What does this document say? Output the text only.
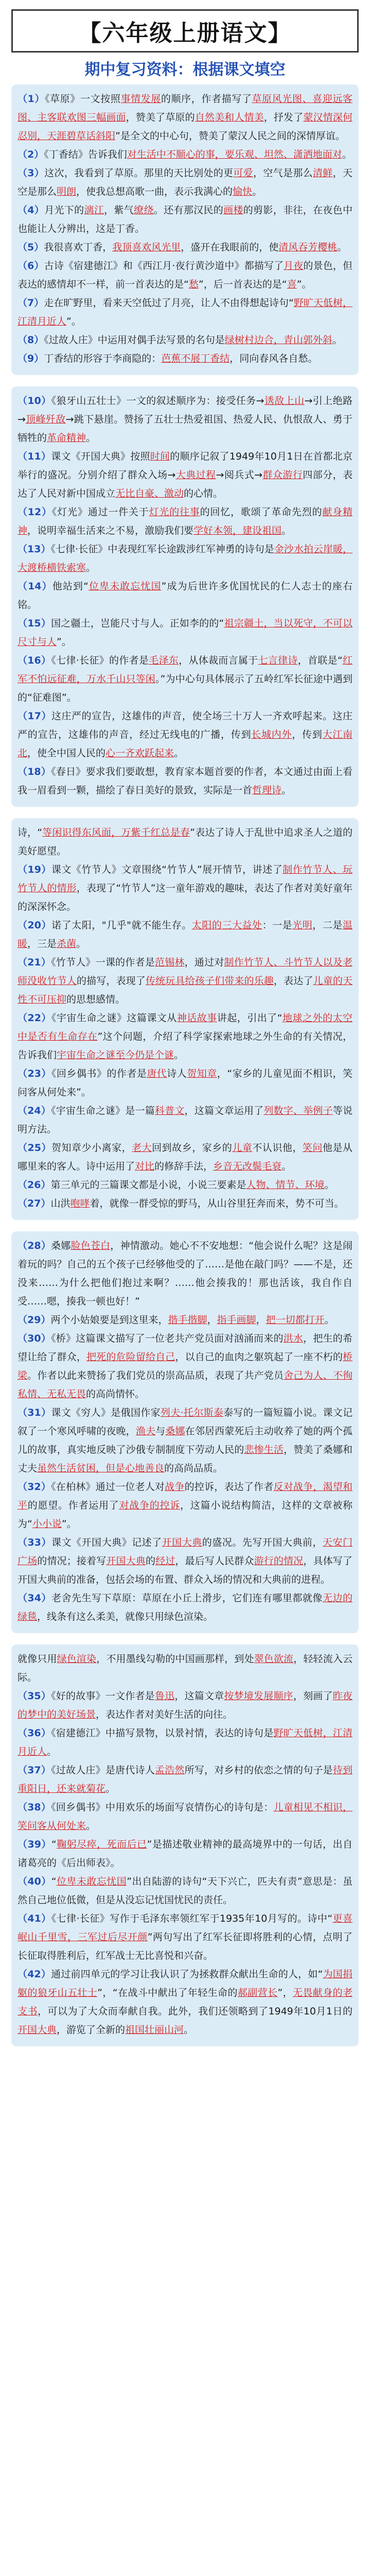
【六年级上册语文】
期中复习资料：根据课文填空

（1）《草原》一文按照事情发展的顺序，作者描写了草原风光图、喜迎远客图、主客联欢图三幅画面，赞美了草原的自然美和人情美，抒发了蒙汉情深何忍别，天涯碧草话斜阳”是全文的中心句，赞美了蒙汉人民之间的深情厚谊。

（2）《丁香结》告诉我们对生活中不顺心的事，要乐观、坦然、潇洒地面对。

（3）这次，我看到了草原。那里的天比别处的更可爱，空气是那么清鲜，天空是那么明朗，使我总想高歌一曲，表示我满心的愉快。

（4）月光下的漓江，紫气缭绕。还有那汉民的画楼的剪影，非往，在夜色中也能让人分辨出，这是丁香。

（5）我很喜欢丁香，我顶喜欢风光里，盛开在我眼前的，使清风吞芳樱桃。

（6）古诗《宿建德江》和《西江月·夜行黄沙道中》都描写了月夜的景色，但表达的感情却不一样，前一首表达的是“愁”，后一首表达的是“喜”。

（7）走在旷野里，看来天空低过了月亮，让人不由得想起诗句“野旷天低树，江清月近人”。

（8）《过故人庄》中运用对偶手法写景的名句是绿树村边合，青山郭外斜。

（9）丁香结的形容于李商隐的：芭蕉不展丁香结，同向春风各自愁。

（10）《狼牙山五壮士》一文的叙述顺序为：接受任务→诱敌上山→引上绝路→顶峰歼敌→跳下悬崖。赞扬了五壮士热爱祖国、热爱人民、仇恨敌人、勇于牺牲的革命精神。

（11）课文《开国大典》按照时间的顺序记叙了1949年10月1日在首都北京举行的盛况。分别介绍了群众入场→大典过程→阅兵式→群众游行四部分，表达了人民对新中国成立无比自豪、激动的心情。

（12）《灯光》通过一件关于灯光的往事的回忆，歌颂了革命先烈的献身精神，说明幸福生活来之不易，激励我们要学好本领，建设祖国。

（13）《七律·长征》中表现红军长途跋涉红军神勇的诗句是金沙水拍云崖暖，大渡桥横铁索寒。

（14）他站到“位卑未敢忘忧国”成为后世许多优国忧民的仁人志士的座右铭。

（15）国之疆土，岂能尺寸与人。正如李的的“祖宗疆土，当以死守，不可以尺寸与人”。

（16）《七律·长征》的作者是毛泽东，从体裁而言属于七言律诗，首联是“红军不怕远征难，万水千山只等闲。”为中心句具体展示了五岭红军长征途中遇到的“征难图”。

（17）这庄严的宣告，这雄伟的声音，使全场三十万人一齐欢呼起来。这庄严的宣告，这雄伟的声音，经过无线电的广播，传到长城内外，传到大江南北，使全中国人民的心一齐欢跃起来。

（18）《春日》要求我们要敢想，教育家本题首要的作者，本文通过由面上看我一眉看到一颗，描绘了春日美好的景致，实际是一首哲理诗。

诗，“等闲识得东风面，万紫千红总是春”表达了诗人于乱世中追求圣人之道的美好愿望。

（19）课文《竹节人》文章围绕“竹节人”展开情节，讲述了制作竹节人、玩竹节人的情形，表现了“竹节人”这一童年游戏的趣味，表达了作者对美好童年的深深怀念。

（20）诺了太阳，"几乎"就不能生存。太阳的三大益处：一是光明，二是温暖，三是杀菌。

（21）《竹节人》一课的作者是范锡林，通过对制作竹节人、斗竹节人以及老师没收竹节人的描写，表现了传统玩具给孩子们带来的乐趣，表达了儿童的天性不可压抑的思想感情。

（22）《宇宙生命之谜》这篇课文从神话故事讲起，引出了“地球之外的太空中是否有生命存在”这个问题，介绍了科学家探索地球之外生命的有关情况，告诉我们宇宙生命之谜至今仍是个谜。

（23）《回乡偶书》的作者是唐代诗人贺知章，“家乡的儿童见面不相识，笑问客从何处来”。

（24）《宇宙生命之谜》是一篇科普文，这篇文章运用了列数字、举例子等说明方法。

（25）贺知章少小离家，老大回到故乡，家乡的儿童不认识他，笑问他是从哪里来的客人。诗中运用了对比的修辞手法，乡音无改鬓毛衰。

（26）第三单元的三篇课文都是小说，小说三要素是人物、情节、环境。

（27）山洪咆哮着，就像一群受惊的野马，从山谷里狂奔而来，势不可当。

（28）桑娜脸色苍白，神情激动。她心不不安地想：“他会说什么呢？这是闹着玩的吗？自己的五个孩子已经够他受的了……是他在敲门吗？——不是，还没来……为什么把他们抱过来啊？……他会揍我的！那也活该，我自作自受……嗯，揍我一顿也好！”

（29）两个小姑娘要是到这里来，揩手揩脚，指手画脚，把一切都打开。

（30）《桥》这篇课文描写了一位老共产党员面对汹涌而来的洪水，把生的希望让给了群众，把死的危险留给自己，以自己的血肉之躯筑起了一座不朽的桥梁。作者以此来赞扬了我们党员的崇高品质，表现了共产党员舍己为人、不徇私情、无私无畏的高尚情怀。

（31）课文《穷人》是俄国作家列夫·托尔斯泰泰写的一篇短篇小说。课文记叙了一个寒风呼啸的夜晚，渔夫与桑娜在邻居西蒙死后主动收养了她的两个孤儿的故事，真实地反映了沙俄专制制度下劳动人民的悲惨生活，赞美了桑娜和丈夫虽然生活贫困，但是心地善良的高尚品质。

（32）《在柏林》通过一位老人对战争的控诉，表达了作者反对战争，渴望和平的愿望。作者运用了对战争的控诉，这篇小说结构简洁，这样的文章被称为“小小说”。

（33）课文《开国大典》记述了开国大典的盛况。先写开国大典前，天安门广场的情况；接着写开国大典的经过，最后写人民群众游行的情况，具体写了开国大典前的准备，包括会场的布置、群众入场的情况和大典前的进程。

（34）老舍先生写下草原：草原在小丘上滑步，它们连有哪里都就像无边的绿毯，线条有这么柔美，就像只用绿色渲染。

就像只用绿色渲染，不用墨线勾勒的中国画那样，到处翠色欲流，轻轻流入云际。

（35）《好的故事》一文作者是鲁迅，这篇文章按梦境发展顺序，刻画了昨夜的梦中的美好场景，表达作者对美好生活的向往。

（36）《宿建德江》中描写景物，以景衬情，表达的诗句是野旷天低树，江清月近人。

（37）《过故人庄》是唐代诗人孟浩然所写，对乡村的依恋之情的句子是待到重阳日，还来就菊花。

（38）《回乡偶书》中用欢乐的场面写哀情伤心的诗句是：儿童相见不相识，笑问客从何处来。

（39）“鞠躬尽瘁，死而后已”是描述敬业精神的最高境界中的一句话，出自诸葛亮的《后出师表》。

（40）“位卑未敢忘忧国”出自陆游的诗句“天下兴亡，匹夫有责”意思是：虽然自己地位低微，但是从没忘记忧国忧民的责任。

（41）《七律·长征》写作于毛泽东率领红军于1935年10月写的。诗中“更喜岷山千里雪，三军过后尽开颜”两句写出了红军长征即将胜利的心情，点明了长征取得胜利后，红军战士无比喜悦和兴奋。

（42）通过前四单元的学习让我认识了为拯救群众献出生命的人，如“为国捐躯的狼牙山五壮士”，“在战斗中献出了年轻生命的郝副营长”，无畏献身的老支书，可以为了大众而奉献自我。此外，我们还领略到了1949年10月1日的开国大典，游览了全新的祖国壮丽山河。
